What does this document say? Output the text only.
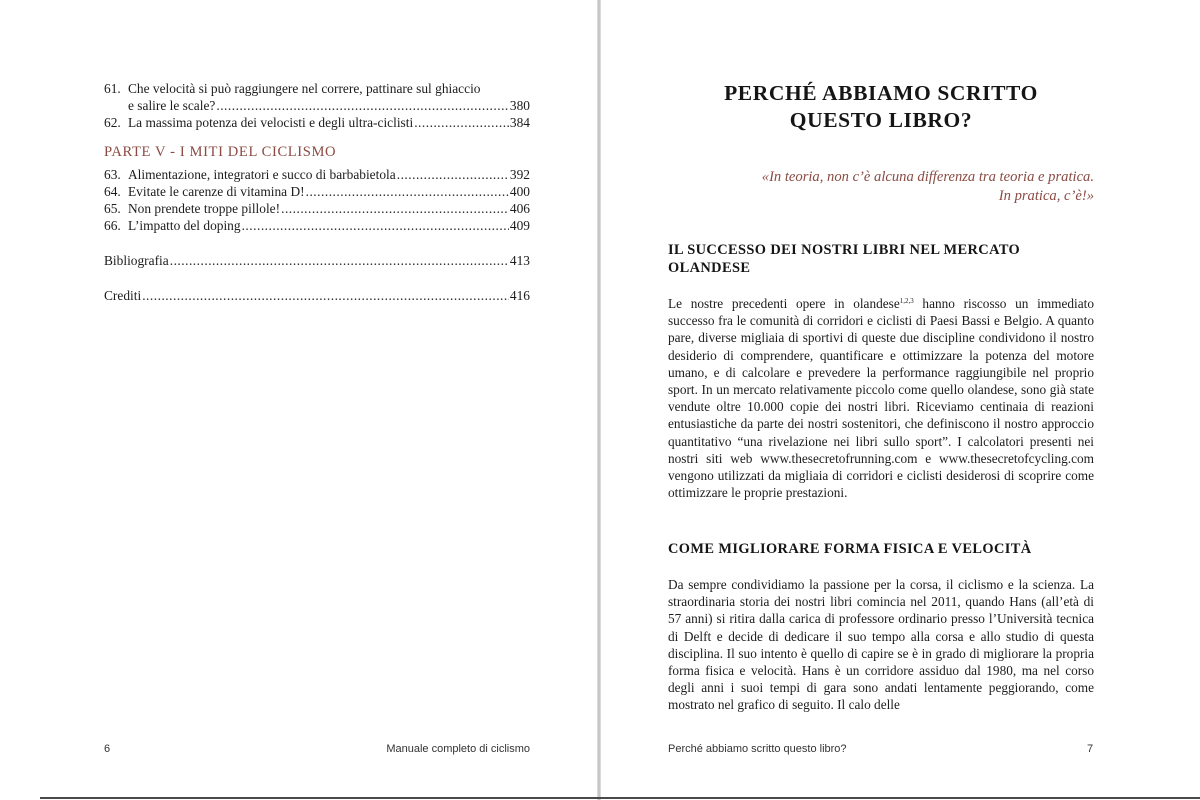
61. Che velocità si può raggiungere nel correre, pattinare sul ghiaccio
e salire le scale? .....	380
62. La massima potenza dei velocisti e degli ultra-ciclisti .....	384
PARTE V - I MITI DEL CICLISMO
63. Alimentazione, integratori e succo di barbabietola .....	392
64. Evitate le carenze di vitamina D! .....	400
65. Non prendete troppe pillole! .....	406
66. L’impatto del doping .....	409
Bibliografia .....	413
Crediti .....	416
6	Manuale completo di ciclismo
PERCHÉ ABBIAMO SCRITTO
QUESTO LIBRO?
«In teoria, non c’è alcuna differenza tra teoria e pratica.
In pratica, c’è!»
IL SUCCESSO DEI NOSTRI LIBRI NEL MERCATO
OLANDESE

Le nostre precedenti opere in olandese$^{1,2,3}$ hanno riscosso un immediato successo fra le comunità di corridori e ciclisti di Paesi Bassi e Belgio. A quanto pare, diverse migliaia di sportivi di queste due discipline condividono il nostro desiderio di comprendere, quantificare e ottimizzare la potenza del motore umano, e di calcolare e prevedere la performance raggiungibile nel proprio sport. In un mercato relativamente piccolo come quello olandese, sono già state vendute oltre 10.000 copie dei nostri libri. Riceviamo centinaia di reazioni entusiastiche da parte dei nostri sostenitori, che definiscono il nostro approccio quantitativo “una rivelazione nei libri sullo sport”. I calcolatori presenti nei nostri siti web www.thesecretofrunning.com e www.thesecretofcycling.com vengono utilizzati da migliaia di corridori e ciclisti desiderosi di scoprire come ottimizzare le proprie prestazioni.

COME MIGLIORARE FORMA FISICA E VELOCITÀ

Da sempre condividiamo la passione per la corsa, il ciclismo e la scienza. La straordinaria storia dei nostri libri comincia nel 2011, quando Hans (all’età di 57 anni) si ritira dalla carica di professore ordinario presso l’Università tecnica di Delft e decide di dedicare il suo tempo alla corsa e allo studio di questa disciplina. Il suo intento è quello di capire se è in grado di migliorare la propria forma fisica e velocità. Hans è un corridore assiduo dal 1980, ma nel corso degli anni i suoi tempi di gara sono andati lentamente peggiorando, come mostrato nel grafico di seguito. Il calo delle

Perché abbiamo scritto questo libro?	7
